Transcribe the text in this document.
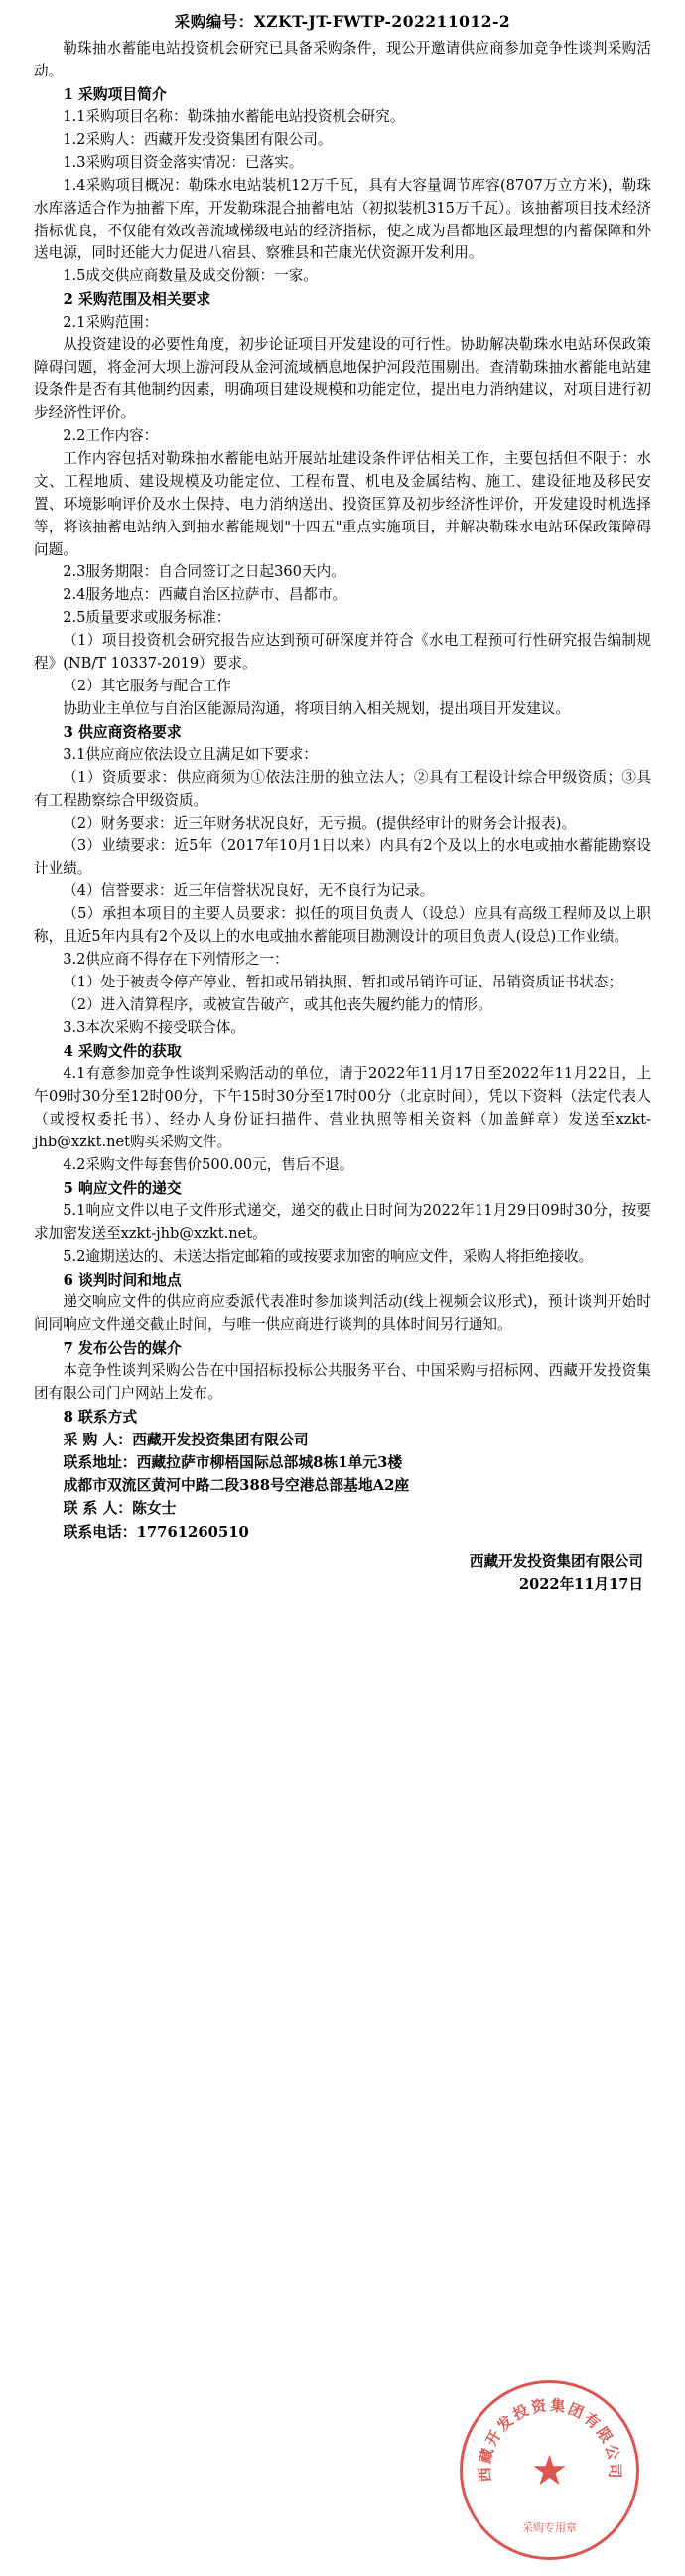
采购编号：XZKT-JT-FWTP-202211012-2

勒珠抽水蓄能电站投资机会研究已具备采购条件，现公开邀请供应商参加竞争性谈判采购活动。

1 采购项目简介

1.1采购项目名称：勒珠抽水蓄能电站投资机会研究。

1.2采购人：西藏开发投资集团有限公司。

1.3采购项目资金落实情况：已落实。

1.4采购项目概况：勒珠水电站装机12万千瓦，具有大容量调节库容(8707万立方米)，勒珠水库落适合作为抽蓄下库，开发勒珠混合抽蓄电站（初拟装机315万千瓦）。该抽蓄项目技术经济指标优良，不仅能有效改善流域梯级电站的经济指标，使之成为昌都地区最理想的内蓄保障和外送电源，同时还能大力促进八宿县、察雅县和芒康光伏资源开发利用。

1.5成交供应商数量及成交份额：一家。

2 采购范围及相关要求

2.1采购范围：

从投资建设的必要性角度，初步论证项目开发建设的可行性。协助解决勒珠水电站环保政策障碍问题，将金河大坝上游河段从金河流域栖息地保护河段范围剔出。查清勒珠抽水蓄能电站建设条件是否有其他制约因素，明确项目建设规模和功能定位，提出电力消纳建议，对项目进行初步经济性评价。

2.2工作内容：

工作内容包括对勒珠抽水蓄能电站开展站址建设条件评估相关工作，主要包括但不限于：水文、工程地质、建设规模及功能定位、工程布置、机电及金属结构、施工、建设征地及移民安置、环境影响评价及水土保持、电力消纳送出、投资匡算及初步经济性评价，开发建设时机选择等，将该抽蓄电站纳入到抽水蓄能规划"十四五"重点实施项目，并解决勒珠水电站环保政策障碍问题。

2.3服务期限：自合同签订之日起360天内。

2.4服务地点：西藏自治区拉萨市、昌都市。

2.5质量要求或服务标准：

（1）项目投资机会研究报告应达到预可研深度并符合《水电工程预可行性研究报告编制规程》(NB/T 10337-2019）要求。

（2）其它服务与配合工作

协助业主单位与自治区能源局沟通，将项目纳入相关规划，提出项目开发建议。

3 供应商资格要求

3.1供应商应依法设立且满足如下要求：

（1）资质要求：供应商须为①依法注册的独立法人；②具有工程设计综合甲级资质；③具有工程勘察综合甲级资质。

（2）财务要求：近三年财务状况良好，无亏损。(提供经审计的财务会计报表)。

（3）业绩要求：近5年（2017年10月1日以来）内具有2个及以上的水电或抽水蓄能勘察设计业绩。

（4）信誉要求：近三年信誉状况良好，无不良行为记录。

（5）承担本项目的主要人员要求：拟任的项目负责人（设总）应具有高级工程师及以上职称，且近5年内具有2个及以上的水电或抽水蓄能项目勘测设计的项目负责人(设总)工作业绩。

3.2供应商不得存在下列情形之一：

（1）处于被责令停产停业、暂扣或吊销执照、暂扣或吊销许可证、吊销资质证书状态；

（2）进入清算程序，或被宣告破产，或其他丧失履约能力的情形。

3.3本次采购不接受联合体。

4 采购文件的获取

4.1有意参加竞争性谈判采购活动的单位，请于2022年11月17日至2022年11月22日，上午09时30分至12时00分，下午15时30分至17时00分（北京时间），凭以下资料（法定代表人（或授权委托书）、经办人身份证扫描件、营业执照等相关资料（加盖鲜章）发送至xzkt-jhb@xzkt.net购买采购文件。

4.2采购文件每套售价500.00元，售后不退。

5 响应文件的递交

5.1响应文件以电子文件形式递交，递交的截止日时间为2022年11月29日09时30分，按要求加密发送至xzkt-jhb@xzkt.net。

5.2逾期送达的、未送达指定邮箱的或按要求加密的响应文件，采购人将拒绝接收。

6 谈判时间和地点

递交响应文件的供应商应委派代表准时参加谈判活动(线上视频会议形式)，预计谈判开始时间同响应文件递交截止时间，与唯一供应商进行谈判的具体时间另行通知。

7 发布公告的媒介

本竞争性谈判采购公告在中国招标投标公共服务平台、中国采购与招标网、西藏开发投资集团有限公司门户网站上发布。

8 联系方式

采 购 人：西藏开发投资集团有限公司

联系地址：西藏拉萨市柳梧国际总部城8栋1单元3楼

成都市双流区黄河中路二段388号空港总部基地A2座

联 系 人：陈女士

联系电话：17761260510

西藏开发投资集团有限公司
2022年11月17日
★
西
藏
开
发
投
资 集 团
有
限
公
司
采购专用章
